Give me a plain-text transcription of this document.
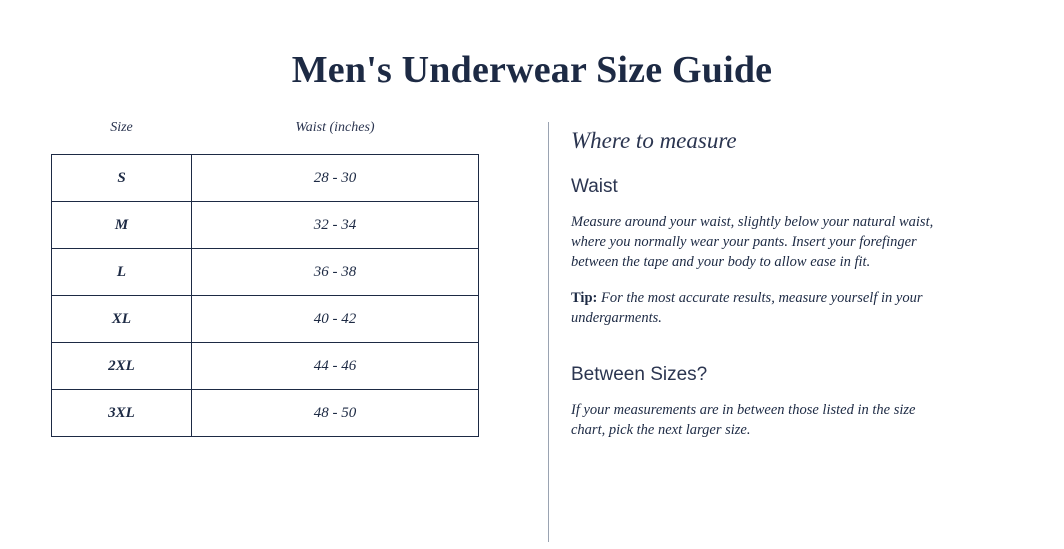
Men's Underwear Size Guide
Size	Waist (inches)
S	28 - 30
M	32 - 34
L	36 - 38
XL	40 - 42
2XL	44 - 46
3XL	48 - 50
Where to measure
Waist

Measure around your waist, slightly below your natural waist, where you normally wear your pants. Insert your forefinger between the tape and your body to allow ease in fit.

Tip: For the most accurate results, measure yourself in your undergarments.

Between Sizes?

If your measurements are in between those listed in the size chart, pick the next larger size.
